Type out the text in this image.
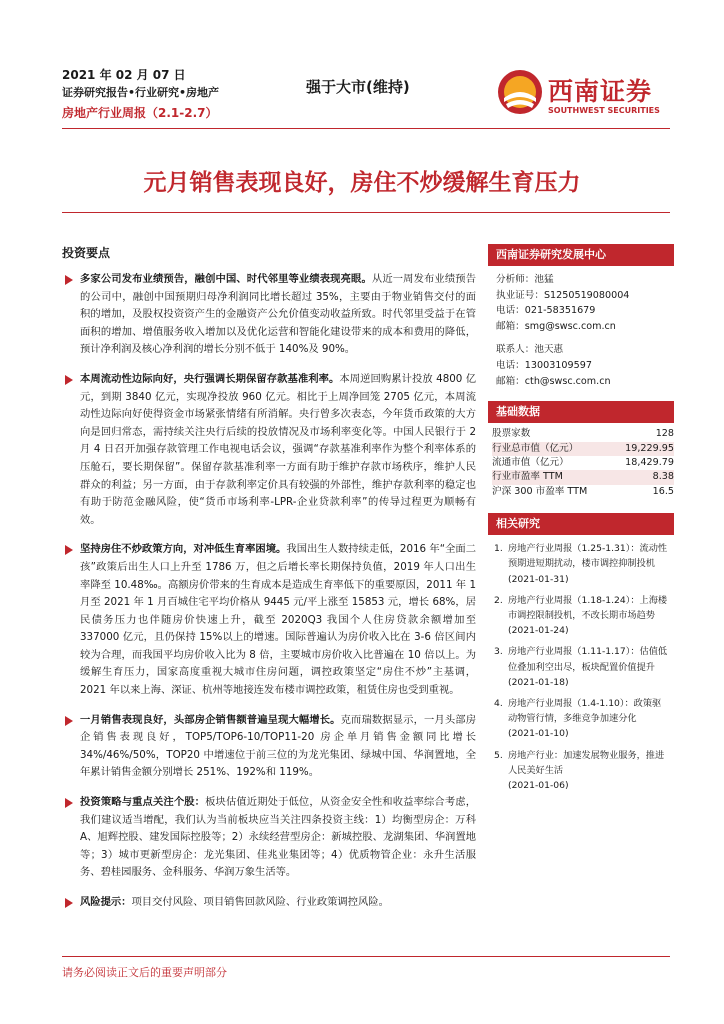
2021 年 02 月 07 日
证券研究报告•行业研究•房地产
房地产行业周报（2.1-2.7）
强于大市(维持)	西南证券
SOUTHWEST SECURITIES
元月销售表现良好，房住不炒缓解生育压力
投资要点
多家公司发布业绩预告，融创中国、时代邻里等业绩表现亮眼。从近一周发布业绩预告的公司中，融创中国预期归母净利润同比增长超过 35%，主要由于物业销售交付的面积的增加，及股权投资资产生的金融资产公允价值变动收益所致。时代邻里受益于在管面积的增加、增值服务收入增加以及优化运营和智能化建设带来的成本和费用的降低，预计净利润及核心净利润的增长分别不低于 140%及 90%。
本周流动性边际向好，央行强调长期保留存款基准利率。本周逆回购累计投放 4800 亿元，到期 3840 亿元，实现净投放 960 亿元。相比于上周净回笼 2705 亿元，本周流动性边际向好使得资金市场紧张情绪有所消解。央行曾多次表态，今年货币政策的大方向是回归常态，需持续关注央行后续的投放情况及市场利率变化等。中国人民银行于 2 月 4 日召开加强存款管理工作电视电话会议，强调“存款基准利率作为整个利率体系的压舱石，要长期保留”。保留存款基准利率一方面有助于维护存款市场秩序，维护人民群众的利益；另一方面，由于存款利率定价具有较强的外部性，维护存款利率的稳定也有助于防范金融风险，使“货币市场利率-LPR-企业贷款利率”的传导过程更为顺畅有效。
坚持房住不炒政策方向，对冲低生育率困境。我国出生人数持续走低，2016 年“全面二孩”政策后出生人口上升至 1786 万，但之后增长率长期保持负值，2019 年人口出生率降至 10.48‰。高额房价带来的生育成本是造成生育率低下的重要原因，2011 年 1 月至 2021 年 1 月百城住宅平均价格从 9445 元/平上涨至 15853 元，增长 68%，居民债务压力也伴随房价快速上升，截至 2020Q3 我国个人住房贷款余额增加至 337000 亿元，且仍保持 15%以上的增速。国际普遍认为房价收入比在 3-6 倍区间内较为合理，而我国平均房价收入比为 8 倍，主要城市房价收入比普遍在 10 倍以上。为缓解生育压力，国家高度重视大城市住房问题，调控政策坚定“房住不炒”主基调，2021 年以来上海、深证、杭州等地接连发布楼市调控政策，租赁住房也受到重视。
一月销售表现良好，头部房企销售额普遍呈现大幅增长。克而瑞数据显示，一月头部房企销售表现良好，TOP5/TOP6-10/TOP11-20 房企单月销售金额同比增长 34%/46%/50%，TOP20 中增速位于前三位的为龙光集团、绿城中国、华润置地，全年累计销售金额分别增长 251%、192%和 119%。
投资策略与重点关注个股：板块估值近期处于低位，从资金安全性和收益率综合考虑，我们建议适当增配，我们认为当前板块应当关注四条投资主线：1）均衡型房企：万科 A、旭辉控股、建发国际控股等；2）永续经营型房企：新城控股、龙湖集团、华润置地等；3）城市更新型房企：龙光集团、佳兆业集团等；4）优质物管企业：永升生活服务、碧桂园服务、金科服务、华润万象生活等。
风险提示：项目交付风险、项目销售回款风险、行业政策调控风险。
西南证券研究发展中心
分析师：池猛
执业证号：S1250519080004
电话：021-58351679
邮箱：smg@swsc.com.cn
联系人：池天惠
电话：13003109597
邮箱：cth@swsc.com.cn
基础数据
股票家数	128
行业总市值（亿元）	19,229.95
流通市值（亿元）	18,429.79
行业市盈率 TTM	8.38
沪深 300 市盈率 TTM	16.5
相关研究
1. 房地产行业周报（1.25-1.31）：流动性预期进短期扰动，楼市调控抑制投机
(2021-01-31)
2. 房地产行业周报（1.18-1.24）：上海楼市调控限制投机，不改长期市场趋势
(2021-01-24)
3. 房地产行业周报（1.11-1.17）：估值低位叠加利空出尽，板块配置价值提升
(2021-01-18)
4. 房地产行业周报（1.4-1.10）：政策驱动物管行情，多维竞争加速分化
(2021-01-10)
5. 房地产行业：加速发展物业服务，推进人民美好生活
(2021-01-06)
请务必阅读正文后的重要声明部分
